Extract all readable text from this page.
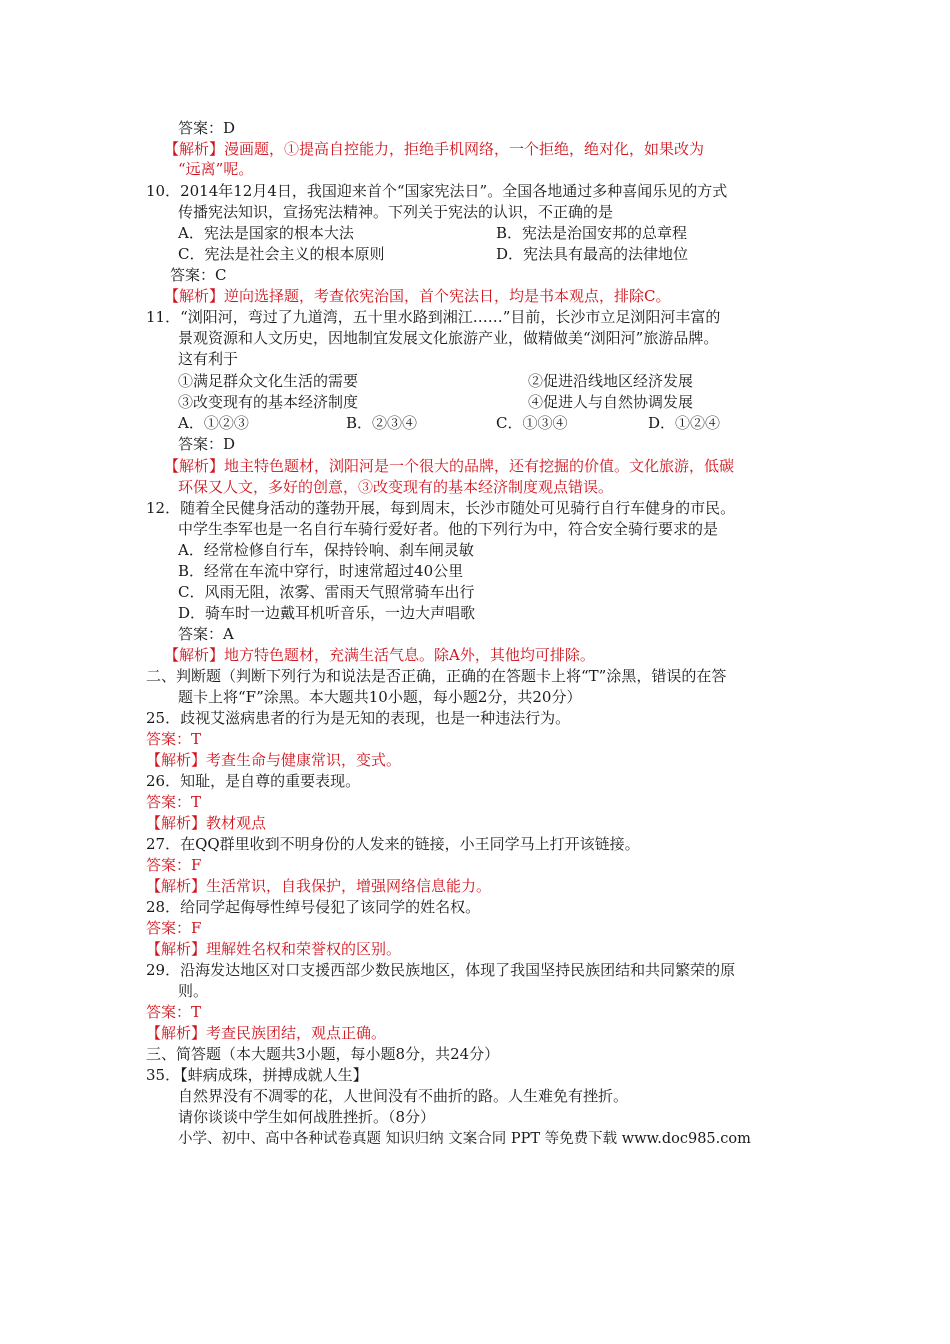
答案：D
【解析】漫画题，①提高自控能力，拒绝手机网络，一个拒绝，绝对化，如果改为
“远离”呢。
10．2014年12月4日，我国迎来首个“国家宪法日”。全国各地通过多种喜闻乐见的方式
传播宪法知识，宣扬宪法精神。下列关于宪法的认识，不正确的是
A．宪法是国家的根本大法	B．宪法是治国安邦的总章程
C．宪法是社会主义的根本原则	D．宪法具有最高的法律地位
答案：C
【解析】逆向选择题，考查依宪治国，首个宪法日，均是书本观点，排除C。
11．“浏阳河，弯过了九道湾，五十里水路到湘江……”目前，长沙市立足浏阳河丰富的
景观资源和人文历史，因地制宜发展文化旅游产业，做精做美“浏阳河”旅游品牌。
这有利于
①满足群众文化生活的需要	②促进沿线地区经济发展
③改变现有的基本经济制度	④促进人与自然协调发展
A．①②③	B．②③④	C．①③④	D．①②④
答案：D
【解析】地主特色题材，浏阳河是一个很大的品牌，还有挖掘的价值。文化旅游，低碳
环保又人文，多好的创意，③改变现有的基本经济制度观点错误。
12．随着全民健身活动的蓬勃开展，每到周末，长沙市随处可见骑行自行车健身的市民。
中学生李军也是一名自行车骑行爱好者。他的下列行为中，符合安全骑行要求的是
A．经常检修自行车，保持铃响、刹车闸灵敏
B．经常在车流中穿行，时速常超过40公里
C．风雨无阻，浓雾、雷雨天气照常骑车出行
D．骑车时一边戴耳机听音乐，一边大声唱歌
答案：A
【解析】地方特色题材，充满生活气息。除A外，其他均可排除。
二、判断题（判断下列行为和说法是否正确，正确的在答题卡上将“T”涂黑，错误的在答
题卡上将“F”涂黑。本大题共10小题，每小题2分，共20分）
25．歧视艾滋病患者的行为是无知的表现，也是一种违法行为。
答案：T
【解析】考查生命与健康常识，变式。
26．知耻，是自尊的重要表现。
答案：T
【解析】教材观点
27．在QQ群里收到不明身份的人发来的链接，小王同学马上打开该链接。
答案：F
【解析】生活常识，自我保护，增强网络信息能力。
28．给同学起侮辱性绰号侵犯了该同学的姓名权。
答案：F
【解析】理解姓名权和荣誉权的区别。
29．沿海发达地区对口支援西部少数民族地区，体现了我国坚持民族团结和共同繁荣的原
则。
答案：T
【解析】考查民族团结，观点正确。
三、简答题（本大题共3小题，每小题8分，共24分）
35．【蚌病成珠，拼搏成就人生】
自然界没有不凋零的花，人世间没有不曲折的路。人生难免有挫折。
请你谈谈中学生如何战胜挫折。（8分）
小学、初中、高中各种试卷真题 知识归纳 文案合同 PPT 等免费下载 www.doc985.com
